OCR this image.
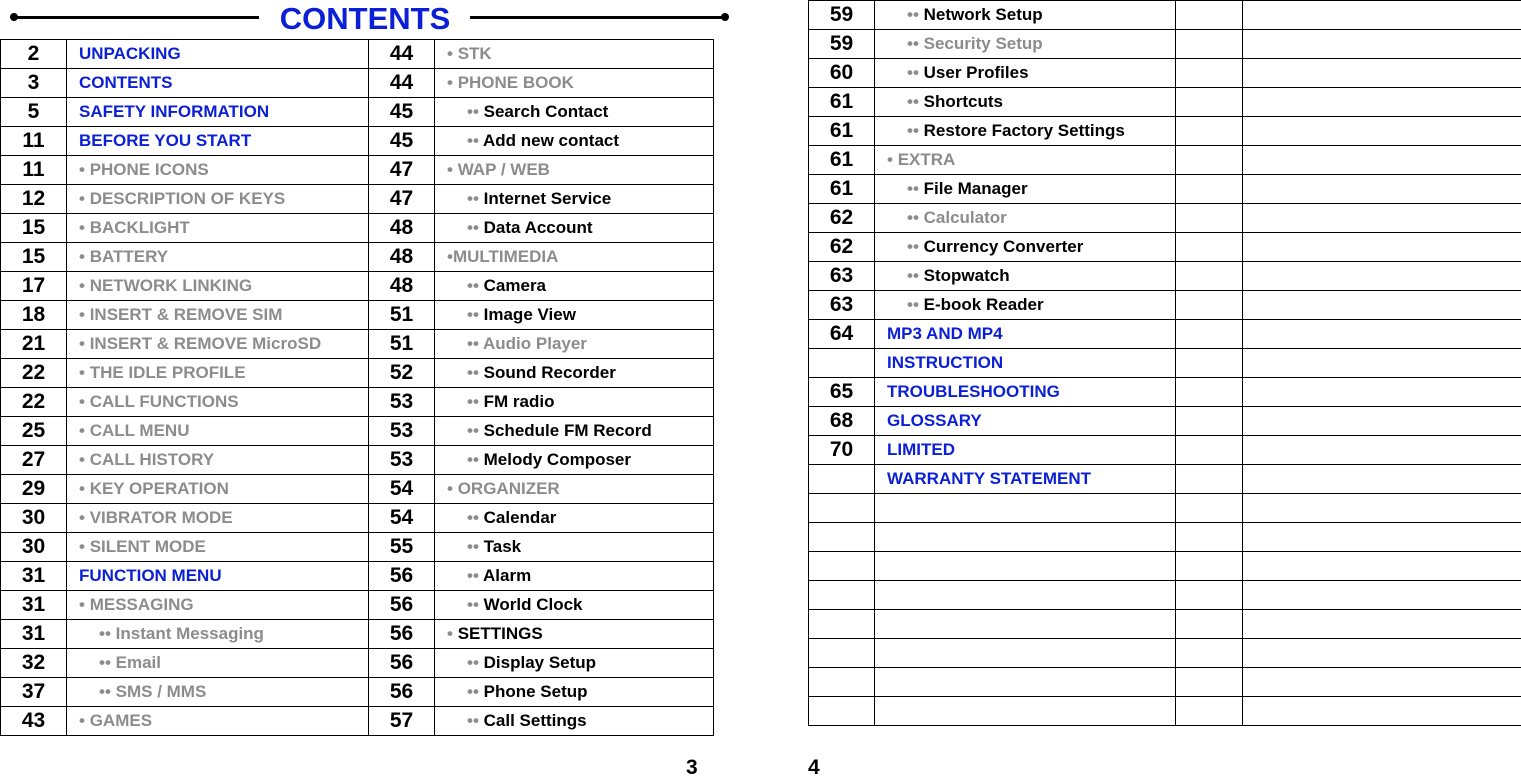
CONTENTS
2	UNPACKING	44	• STK
3	CONTENTS	44	• PHONE BOOK
5	SAFETY INFORMATION	45	•• Search Contact
11	BEFORE YOU START	45	•• Add new contact
11	• PHONE ICONS	47	• WAP / WEB
12	• DESCRIPTION OF KEYS	47	•• Internet Service
15	• BACKLIGHT	48	•• Data Account
15	• BATTERY	48	•MULTIMEDIA
17	• NETWORK LINKING	48	•• Camera
18	• INSERT & REMOVE SIM	51	•• Image View
21	• INSERT & REMOVE MicroSD	51	•• Audio Player
22	• THE IDLE PROFILE	52	•• Sound Recorder
22	• CALL FUNCTIONS	53	•• FM radio
25	• CALL MENU	53	•• Schedule FM Record
27	• CALL HISTORY	53	•• Melody Composer
29	• KEY OPERATION	54	• ORGANIZER
30	• VIBRATOR MODE	54	•• Calendar
30	• SILENT MODE	55	•• Task
31	FUNCTION MENU	56	•• Alarm
31	• MESSAGING	56	•• World Clock
31	•• Instant Messaging	56	• SETTINGS
32	•• Email	56	•• Display Setup
37	•• SMS / MMS	56	•• Phone Setup
43	• GAMES	57	•• Call Settings
59	•• Network Setup		
59	•• Security Setup		
60	•• User Profiles		
61	•• Shortcuts		
61	•• Restore Factory Settings		
61	• EXTRA		
61	•• File Manager		
62	•• Calculator		
62	•• Currency Converter		
63	•• Stopwatch		
63	•• E-book Reader		
64	MP3 AND MP4		
	INSTRUCTION		
65	TROUBLESHOOTING		
68	GLOSSARY		
70	LIMITED		
	WARRANTY STATEMENT		

3	4
